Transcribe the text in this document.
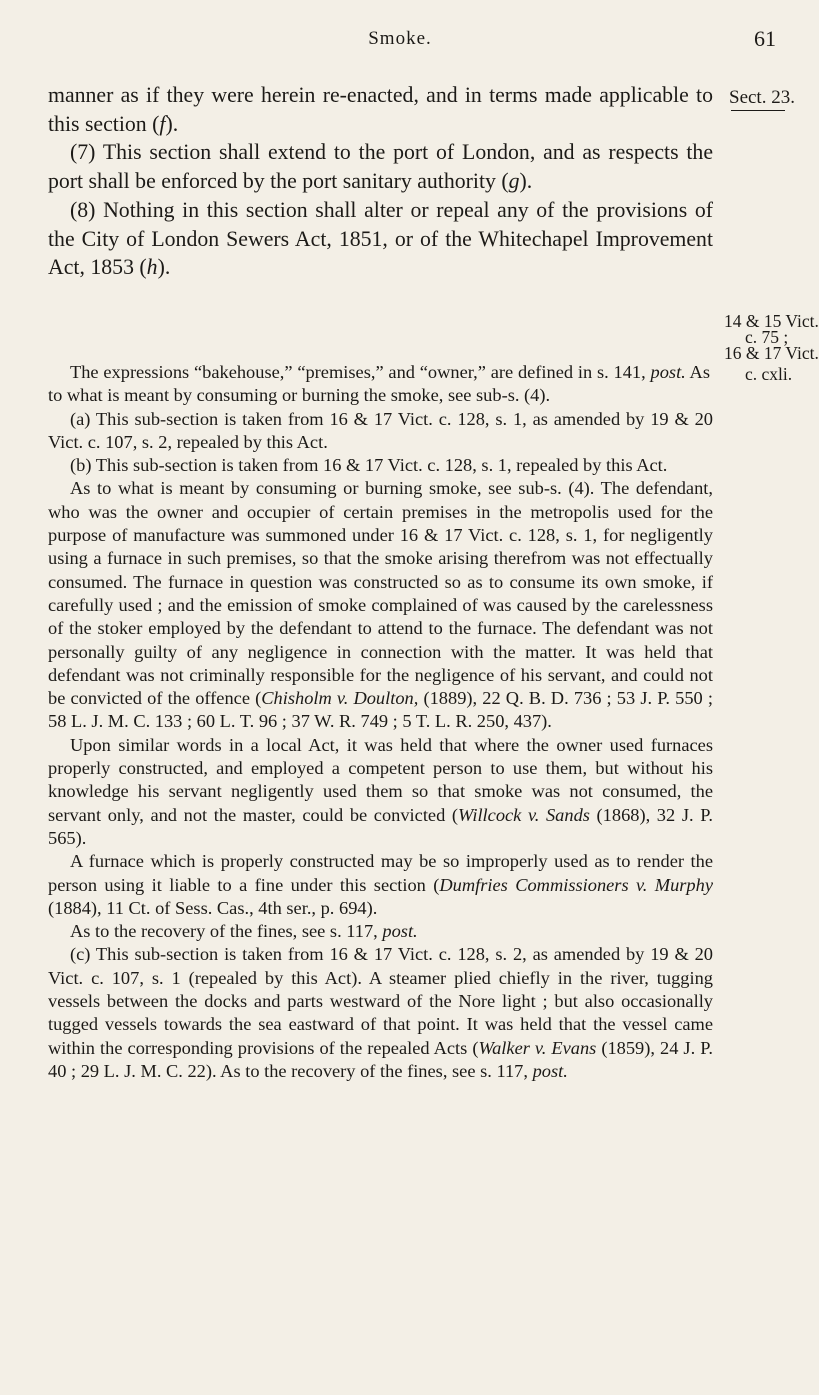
Smoke.	61
Sect. 23.
14 & 15 Vict.
c. 75 ;
16 & 17 Vict.
c. cxli.

manner as if they were herein re-enacted, and in terms made applicable to this section (f).

(7) This section shall extend to the port of London, and as respects the port shall be enforced by the port sanitary authority (g).

(8) Nothing in this section shall alter or repeal any of the provisions of the City of London Sewers Act, 1851, or of the Whitechapel Improvement Act, 1853 (h).

The expressions “bakehouse,” “premises,” and “owner,” are defined in s. 141, post. As to what is meant by consuming or burning the smoke, see sub-s. (4).

(a) This sub-section is taken from 16 & 17 Vict. c. 128, s. 1, as amended by 19 & 20 Vict. c. 107, s. 2, repealed by this Act.

(b) This sub-section is taken from 16 & 17 Vict. c. 128, s. 1, repealed by this Act.

As to what is meant by consuming or burning smoke, see sub-s. (4). The defendant, who was the owner and occupier of certain premises in the metropolis used for the purpose of manufacture was summoned under 16 & 17 Vict. c. 128, s. 1, for negligently using a furnace in such premises, so that the smoke arising therefrom was not effectually consumed. The furnace in question was constructed so as to consume its own smoke, if carefully used ; and the emission of smoke complained of was caused by the carelessness of the stoker employed by the defendant to attend to the furnace. The defendant was not personally guilty of any negligence in connection with the matter. It was held that defendant was not criminally responsible for the negligence of his servant, and could not be convicted of the offence (Chisholm v. Doulton, (1889), 22 Q. B. D. 736 ; 53 J. P. 550 ; 58 L. J. M. C. 133 ; 60 L. T. 96 ; 37 W. R. 749 ; 5 T. L. R. 250, 437).

Upon similar words in a local Act, it was held that where the owner used furnaces properly constructed, and employed a competent person to use them, but without his knowledge his servant negligently used them so that smoke was not consumed, the servant only, and not the master, could be convicted (Willcock v. Sands (1868), 32 J. P. 565).

A furnace which is properly constructed may be so improperly used as to render the person using it liable to a fine under this section (Dumfries Commissioners v. Murphy (1884), 11 Ct. of Sess. Cas., 4th ser., p. 694).

As to the recovery of the fines, see s. 117, post.

(c) This sub-section is taken from 16 & 17 Vict. c. 128, s. 2, as amended by 19 & 20 Vict. c. 107, s. 1 (repealed by this Act). A steamer plied chiefly in the river, tugging vessels between the docks and parts westward of the Nore light ; but also occasionally tugged vessels towards the sea eastward of that point. It was held that the vessel came within the corresponding provisions of the repealed Acts (Walker v. Evans (1859), 24 J. P. 40 ; 29 L. J. M. C. 22). As to the recovery of the fines, see s. 117, post.
